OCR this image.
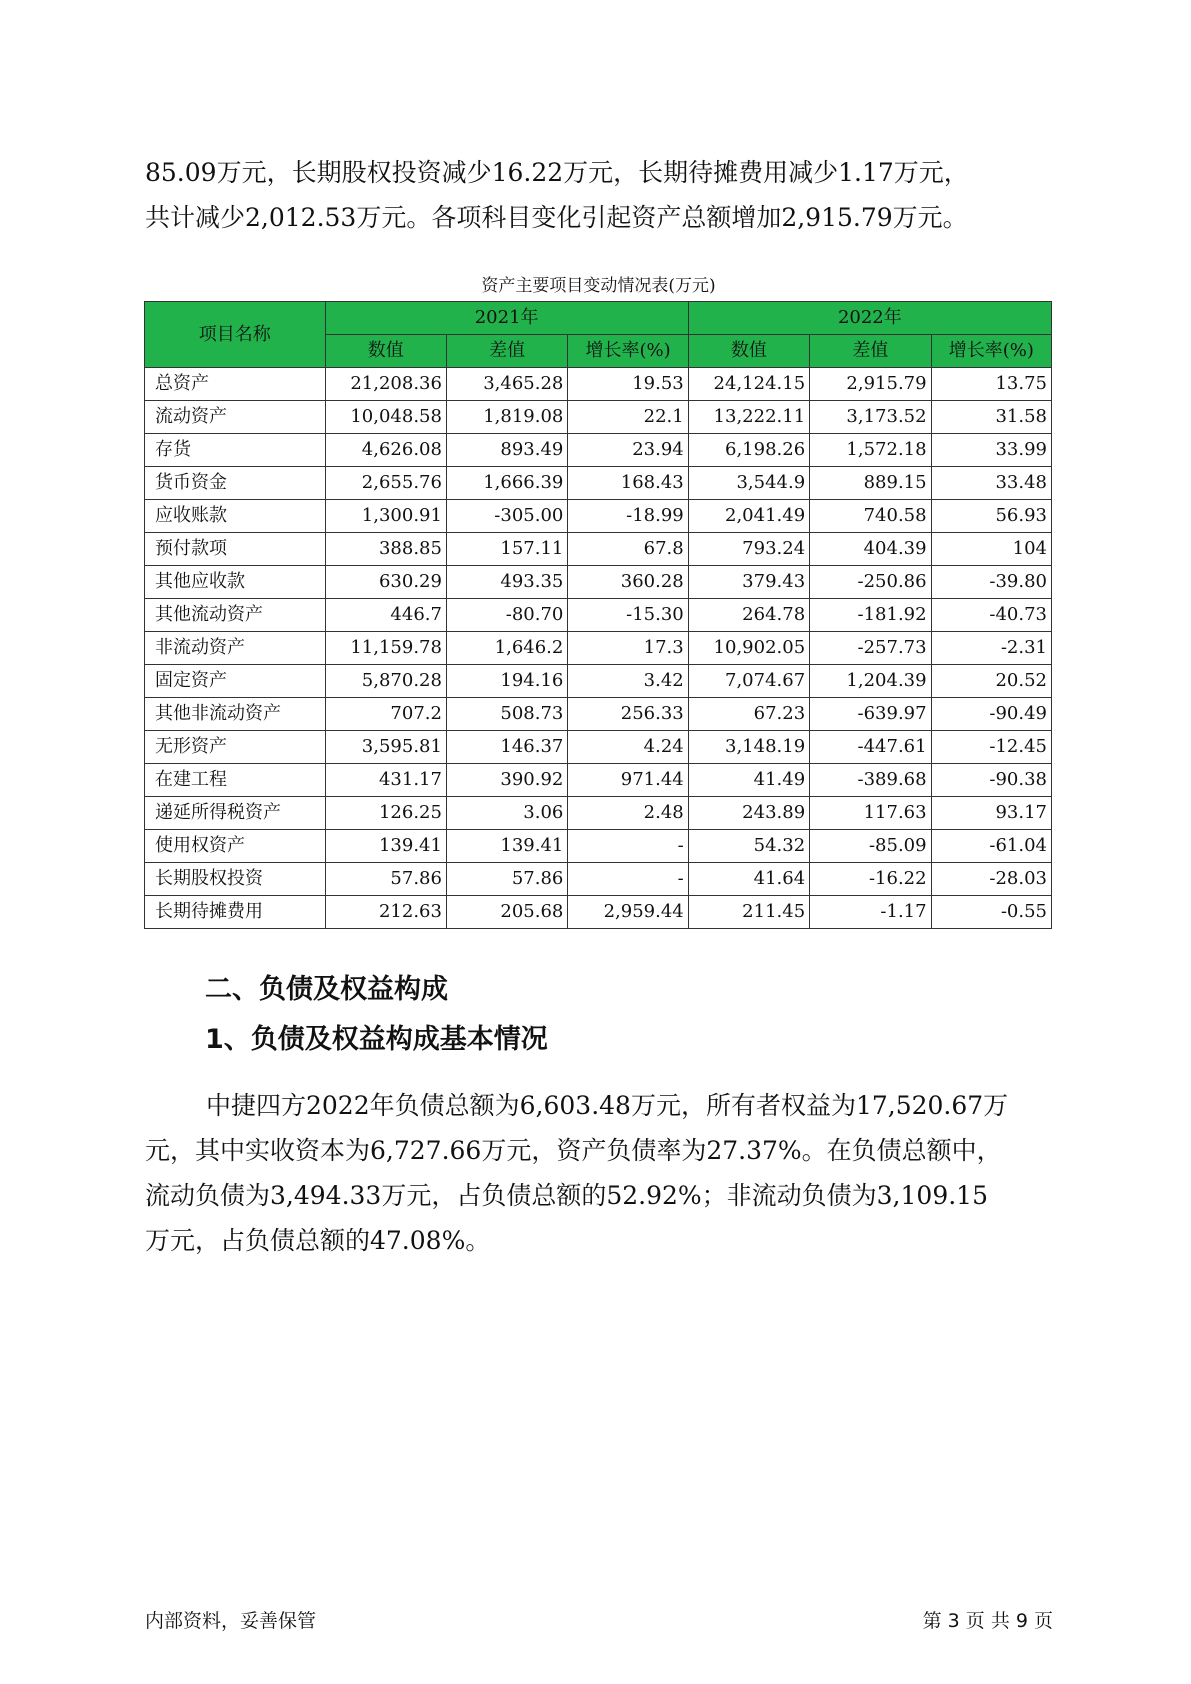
85.09万元，长期股权投资减少16.22万元，长期待摊费用减少1.17万元，
共计减少2,012.53万元。各项科目变化引起资产总额增加2,915.79万元。

资产主要项目变动情况表(万元)
项目名称	2021年			2022年		
	数值	差值	增长率(%)	数值	差值	增长率(%)
总资产	21,208.36	3,465.28	19.53	24,124.15	2,915.79	13.75
流动资产	10,048.58	1,819.08	22.1	13,222.11	3,173.52	31.58
存货	4,626.08	893.49	23.94	6,198.26	1,572.18	33.99
货币资金	2,655.76	1,666.39	168.43	3,544.9	889.15	33.48
应收账款	1,300.91	-305.00	-18.99	2,041.49	740.58	56.93
预付款项	388.85	157.11	67.8	793.24	404.39	104
其他应收款	630.29	493.35	360.28	379.43	-250.86	-39.80
其他流动资产	446.7	-80.70	-15.30	264.78	-181.92	-40.73
非流动资产	11,159.78	1,646.2	17.3	10,902.05	-257.73	-2.31
固定资产	5,870.28	194.16	3.42	7,074.67	1,204.39	20.52
其他非流动资产	707.2	508.73	256.33	67.23	-639.97	-90.49
无形资产	3,595.81	146.37	4.24	3,148.19	-447.61	-12.45
在建工程	431.17	390.92	971.44	41.49	-389.68	-90.38
递延所得税资产	126.25	3.06	2.48	243.89	117.63	93.17
使用权资产	139.41	139.41	-	54.32	-85.09	-61.04
长期股权投资	57.86	57.86	-	41.64	-16.22	-28.03
长期待摊费用	212.63	205.68	2,959.44	211.45	-1.17	-0.55
二、负债及权益构成
1、负债及权益构成基本情况

中捷四方2022年负债总额为6,603.48万元，所有者权益为17,520.67万
元，其中实收资本为6,727.66万元，资产负债率为27.37%。在负债总额中，
流动负债为3,494.33万元，占负债总额的52.92%；非流动负债为3,109.15
万元，占负债总额的47.08%。

内部资料，妥善保管	第 3 页 共 9 页
